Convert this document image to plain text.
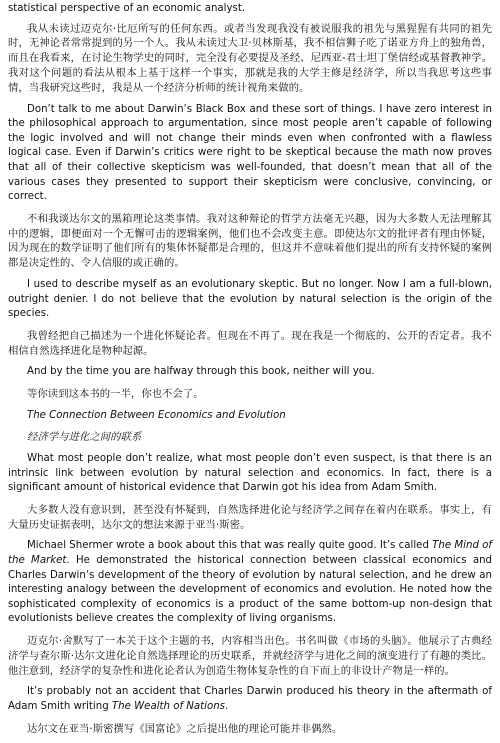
statistical perspective of an economic analyst.

我从未读过迈克尔·比厄所写的任何东西。或者当发现我没有被说服我的祖先与黑猩猩有共同的祖先时，无神论者常常提到的另一个人。我从未读过大卫·贝林斯基，我不相信狮子吃了诺亚方舟上的独角兽，而且在我看来，在讨论生物学史的同时，完全没有必要提及圣经、尼西亚-君士坦丁堡信经或基督教神学。我对这个问题的看法从根本上基于这样一个事实，那就是我的大学主修是经济学，所以当我思考这些事情，当我研究这些时，我是从一个经济分析师的统计视角来做的。

Don’t talk to me about Darwin’s Black Box and these sort of things. I have zero interest in the philosophical approach to argumentation, since most people aren’t capable of following the logic involved and will not change their minds even when confronted with a flawless logical case. Even if Darwin’s critics were right to be skeptical because the math now proves that all of their collective skepticism was well-founded, that doesn’t mean that all of the various cases they presented to support their skepticism were conclusive, convincing, or correct.

不和我谈达尔文的黑箱理论这类事情。我对这种辩论的哲学方法毫无兴趣，因为大多数人无法理解其中的逻辑，即便面对一个无懈可击的逻辑案例，他们也不会改变主意。即使达尔文的批评者有理由怀疑，因为现在的数学证明了他们所有的集体怀疑都是合理的，但这并不意味着他们提出的所有支持怀疑的案例都是决定性的、令人信服的或正确的。

I used to describe myself as an evolutionary skeptic. But no longer. Now I am a full-blown, outright denier. I do not believe that the evolution by natural selection is the origin of the species.

我曾经把自己描述为一个进化怀疑论者。但现在不再了。现在我是一个彻底的、公开的否定者。我不相信自然选择进化是物种起源。

And by the time you are halfway through this book, neither will you.

等你读到这本书的一半，你也不会了。

The Connection Between Economics and Evolution

经济学与进化之间的联系

What most people don’t realize, what most people don’t even suspect, is that there is an intrinsic link between evolution by natural selection and economics. In fact, there is a significant amount of historical evidence that Darwin got his idea from Adam Smith.

大多数人没有意识到，甚至没有怀疑到，自然选择进化论与经济学之间存在着内在联系。事实上，有大量历史证据表明，达尔文的想法来源于亚当·斯密。

Michael Shermer wrote a book about this that was really quite good. It’s called The Mind of the Market. He demonstrated the historical connection between classical economics and Charles Darwin’s development of the theory of evolution by natural selection, and he drew an interesting analogy between the development of economics and evolution. He noted how the sophisticated complexity of economics is a product of the same bottom-up non-design that evolutionists believe creates the complexity of living organisms.

迈克尔·舍默写了一本关于这个主题的书，内容相当出色。书名叫做《市场的头脑》。他展示了古典经济学与查尔斯·达尔文进化论自然选择理论的历史联系，并就经济学与进化之间的演变进行了有趣的类比。他注意到，经济学的复杂性和进化论者认为创造生物体复杂性的自下而上的非设计产物是一样的。

It’s probably not an accident that Charles Darwin produced his theory in the aftermath of Adam Smith writing The Wealth of Nations.

达尔文在亚当·斯密撰写《国富论》之后提出他的理论可能并非偶然。
